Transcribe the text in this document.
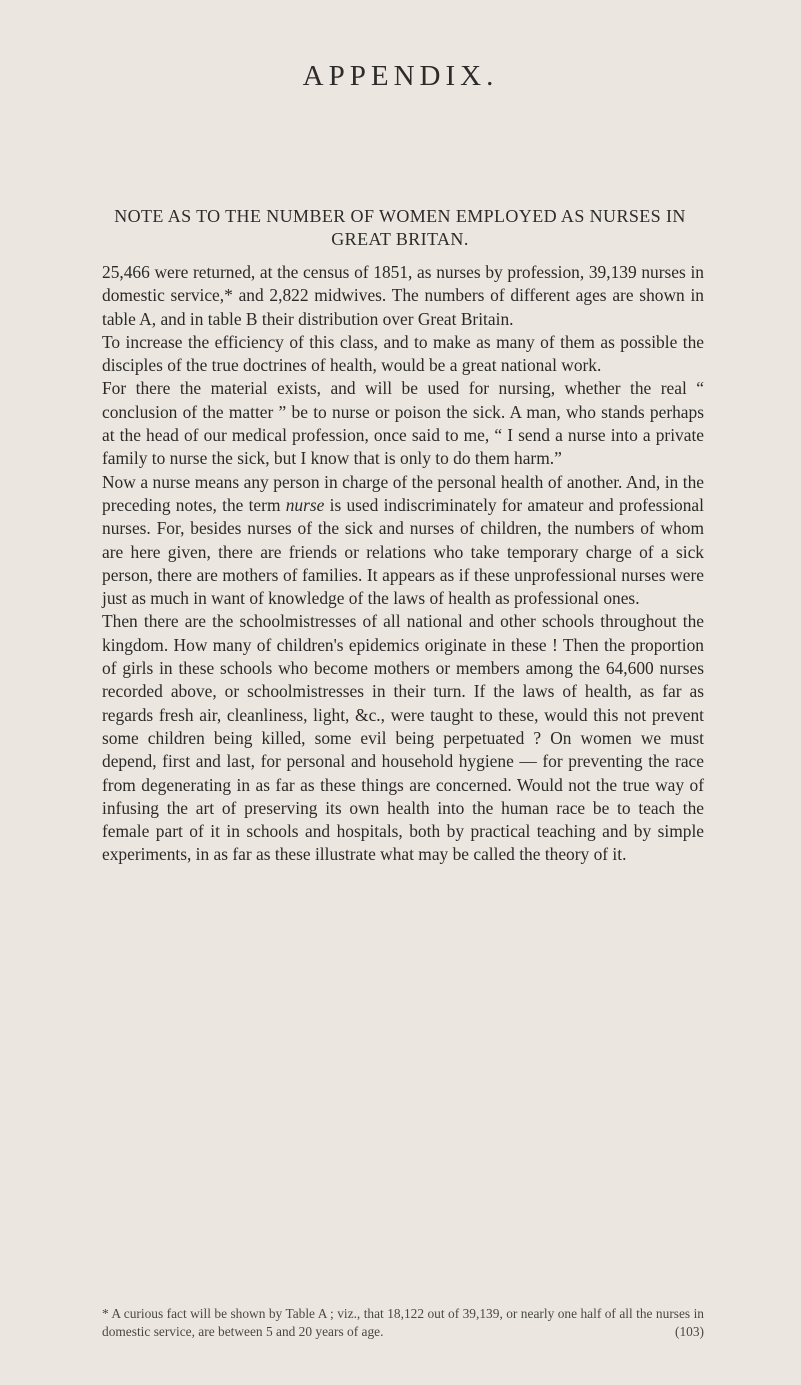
APPENDIX.
NOTE AS TO THE NUMBER OF WOMEN EMPLOYED AS NURSES IN GREAT BRITAN.

25,466 were returned, at the census of 1851, as nurses by profession, 39,139 nurses in domestic service,* and 2,822 midwives. The numbers of different ages are shown in table A, and in table B their distribution over Great Britain.

To increase the efficiency of this class, and to make as many of them as possible the disciples of the true doctrines of health, would be a great national work.

For there the material exists, and will be used for nursing, whether the real “ conclusion of the matter ” be to nurse or poison the sick. A man, who stands perhaps at the head of our medical profession, once said to me, “ I send a nurse into a private family to nurse the sick, but I know that is only to do them harm.”

Now a nurse means any person in charge of the personal health of another. And, in the preceding notes, the term nurse is used indiscriminately for amateur and professional nurses. For, besides nurses of the sick and nurses of children, the numbers of whom are here given, there are friends or relations who take temporary charge of a sick person, there are mothers of families. It appears as if these unprofessional nurses were just as much in want of knowledge of the laws of health as professional ones.

Then there are the schoolmistresses of all national and other schools throughout the kingdom. How many of children's epidemics originate in these ! Then the proportion of girls in these schools who become mothers or members among the 64,600 nurses recorded above, or schoolmistresses in their turn. If the laws of health, as far as regards fresh air, cleanliness, light, &c., were taught to these, would this not prevent some children being killed, some evil being perpetuated ? On women we must depend, first and last, for personal and household hygiene — for preventing the race from degenerating in as far as these things are concerned. Would not the true way of infusing the art of preserving its own health into the human race be to teach the female part of it in schools and hospitals, both by practical teaching and by simple experiments, in as far as these illustrate what may be called the theory of it.

* A curious fact will be shown by Table A ; viz., that 18,122 out of 39,139, or nearly one half of all the nurses in domestic service, are between 5 and 20 years of age.	(103)
